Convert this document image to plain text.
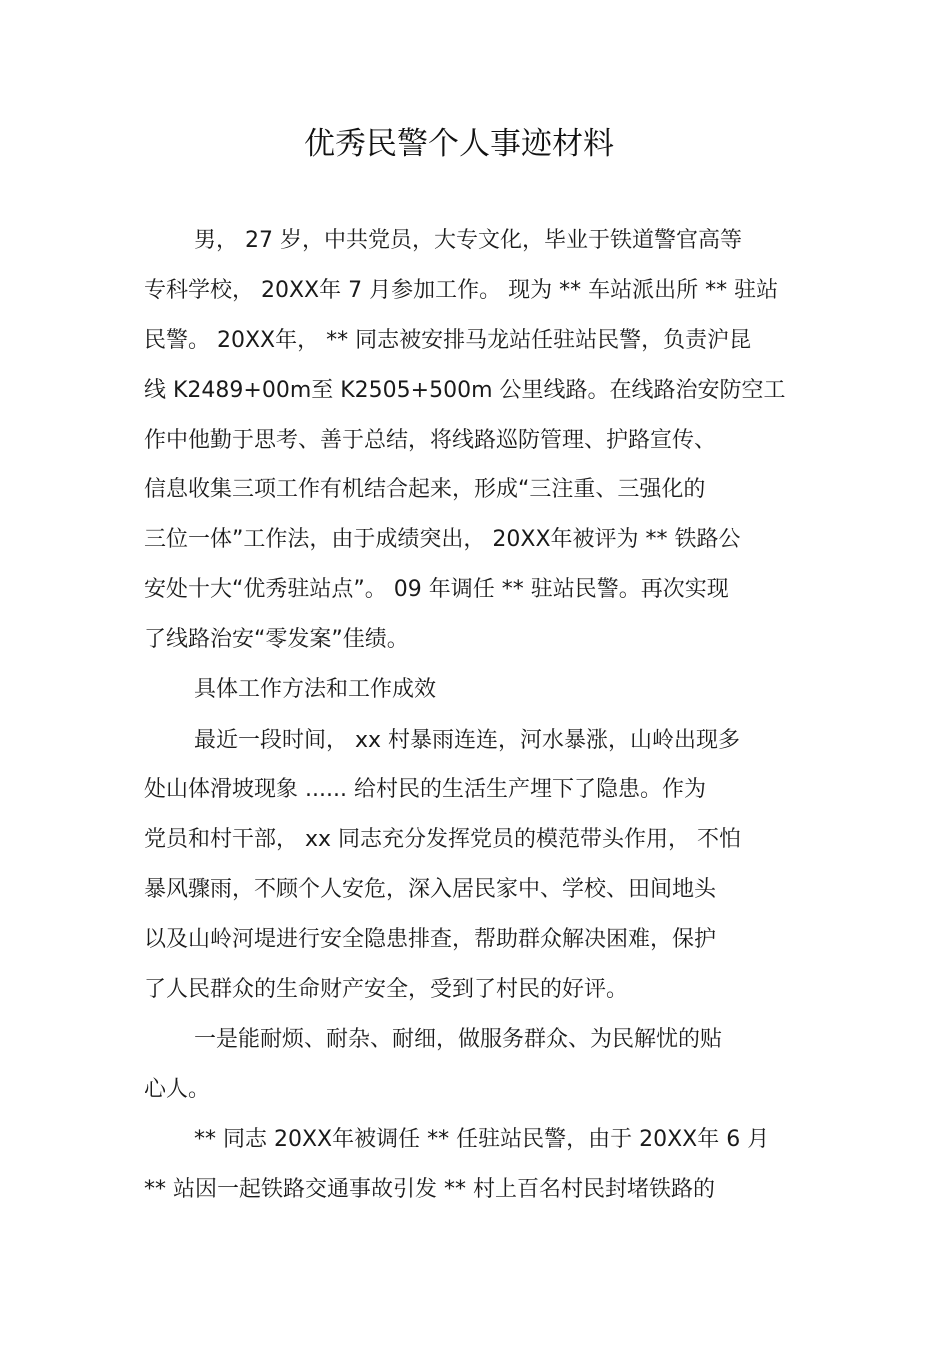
优秀民警个人事迹材料
男， 27 岁，中共党员，大专文化，毕业于铁道警官高等
专科学校， 20XX年 7 月参加工作。 现为 ** 车站派出所 ** 驻站
民警。 20XX年， ** 同志被安排马龙站任驻站民警，负责沪昆
线 K2489+00m至 K2505+500m 公里线路。在线路治安防空工
作中他勤于思考、善于总结，将线路巡防管理、护路宣传、
信息收集三项工作有机结合起来，形成“三注重、三强化的
三位一体”工作法，由于成绩突出， 20XX年被评为 ** 铁路公
安处十大“优秀驻站点”。 09 年调任 ** 驻站民警。再次实现
了线路治安“零发案”佳绩。
具体工作方法和工作成效
最近一段时间， xx 村暴雨连连，河水暴涨，山岭出现多
处山体滑坡现象 ...... 给村民的生活生产埋下了隐患。作为
党员和村干部， xx 同志充分发挥党员的模范带头作用， 不怕
暴风骤雨，不顾个人安危，深入居民家中、学校、田间地头
以及山岭河堤进行安全隐患排查，帮助群众解决困难，保护
了人民群众的生命财产安全，受到了村民的好评。
一是能耐烦、耐杂、耐细，做服务群众、为民解忧的贴
心人。
** 同志 20XX年被调任 ** 任驻站民警，由于 20XX年 6 月
** 站因一起铁路交通事故引发 ** 村上百名村民封堵铁路的
